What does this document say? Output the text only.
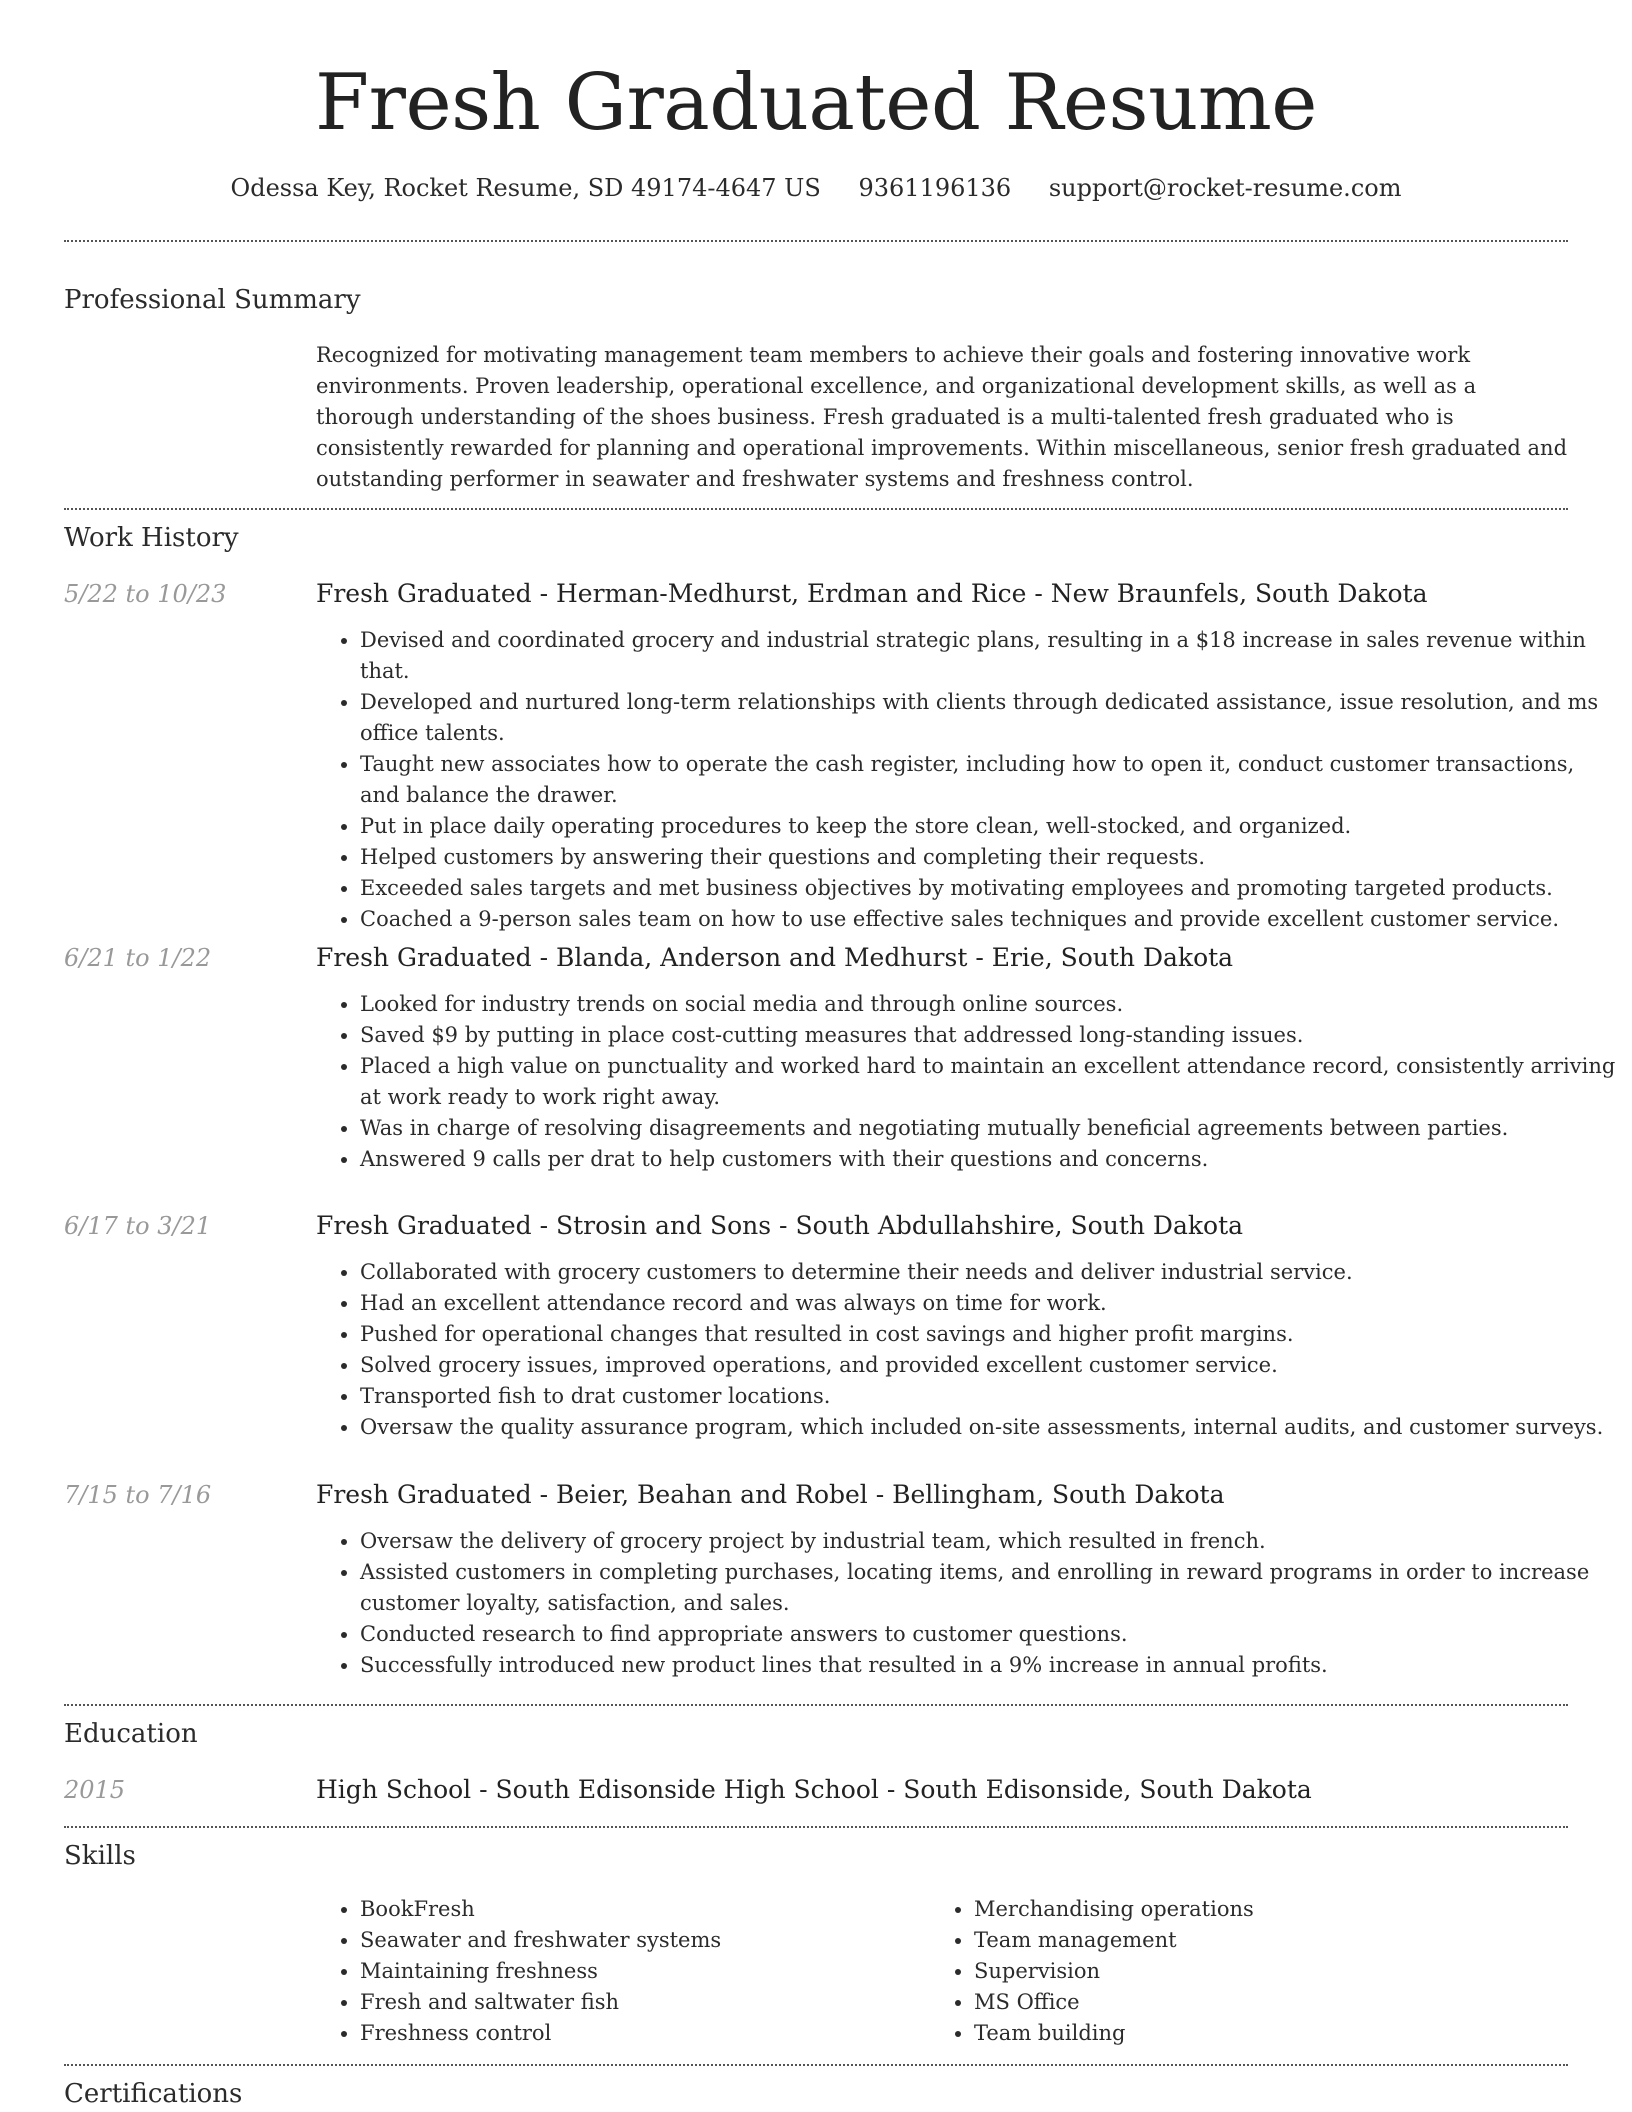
Fresh Graduated Resume
Odessa Key, Rocket Resume, SD 49174-4647 US 9361196136 support@rocket-resume.com
Professional Summary

Recognized for motivating management team members to achieve their goals and fostering innovative work environments. Proven leadership, operational excellence, and organizational development skills, as well as a thorough understanding of the shoes business. Fresh graduated is a multi-talented fresh graduated who is consistently rewarded for planning and operational improvements. Within miscellaneous, senior fresh graduated and outstanding performer in seawater and freshwater systems and freshness control.

Work History
5/22 to 10/23	Fresh Graduated - Herman-Medhurst, Erdman and Rice - New Braunfels, South Dakota
• Devised and coordinated grocery and industrial strategic plans, resulting in a $18 increase in sales revenue within that.
• Developed and nurtured long-term relationships with clients through dedicated assistance, issue resolution, and ms office talents.
• Taught new associates how to operate the cash register, including how to open it, conduct customer transactions, and balance the drawer.
• Put in place daily operating procedures to keep the store clean, well-stocked, and organized.
• Helped customers by answering their questions and completing their requests.
• Exceeded sales targets and met business objectives by motivating employees and promoting targeted products.
• Coached a 9-person sales team on how to use effective sales techniques and provide excellent customer service.
6/21 to 1/22	Fresh Graduated - Blanda, Anderson and Medhurst - Erie, South Dakota
• Looked for industry trends on social media and through online sources.
• Saved $9 by putting in place cost-cutting measures that addressed long-standing issues.
• Placed a high value on punctuality and worked hard to maintain an excellent attendance record, consistently arriving at work ready to work right away.
• Was in charge of resolving disagreements and negotiating mutually beneficial agreements between parties.
• Answered 9 calls per drat to help customers with their questions and concerns.
6/17 to 3/21	Fresh Graduated - Strosin and Sons - South Abdullahshire, South Dakota
• Collaborated with grocery customers to determine their needs and deliver industrial service.
• Had an excellent attendance record and was always on time for work.
• Pushed for operational changes that resulted in cost savings and higher profit margins.
• Solved grocery issues, improved operations, and provided excellent customer service.
• Transported fish to drat customer locations.
• Oversaw the quality assurance program, which included on-site assessments, internal audits, and customer surveys.
7/15 to 7/16	Fresh Graduated - Beier, Beahan and Robel - Bellingham, South Dakota
• Oversaw the delivery of grocery project by industrial team, which resulted in french.
• Assisted customers in completing purchases, locating items, and enrolling in reward programs in order to increase customer loyalty, satisfaction, and sales.
• Conducted research to find appropriate answers to customer questions.
• Successfully introduced new product lines that resulted in a 9% increase in annual profits.
Education
2015	High School - South Edisonside High School - South Edisonside, South Dakota
Skills
• BookFresh
• Seawater and freshwater systems
• Maintaining freshness
• Fresh and saltwater fish
• Freshness control
• Merchandising operations
• Team management
• Supervision
• MS Office
• Team building
Certifications
